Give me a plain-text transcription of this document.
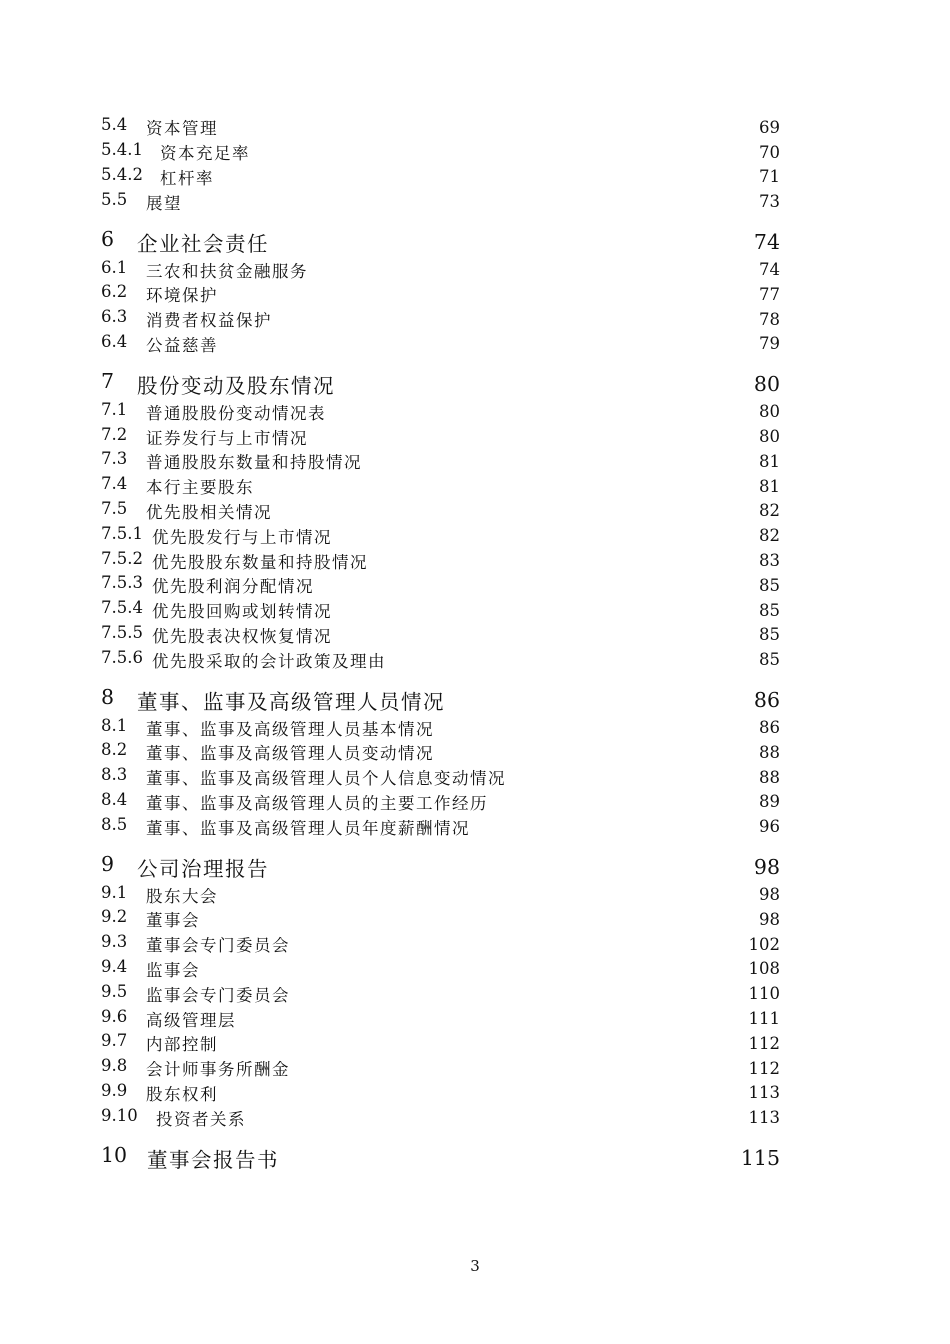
5.4	资本管理	69
5.4.1	资本充足率	70
5.4.2	杠杆率	71
5.5	展望	73
6	企业社会责任	74
6.1	三农和扶贫金融服务	74
6.2	环境保护	77
6.3	消费者权益保护	78
6.4	公益慈善	79
7	股份变动及股东情况	80
7.1	普通股股份变动情况表	80
7.2	证券发行与上市情况	80
7.3	普通股股东数量和持股情况	81
7.4	本行主要股东	81
7.5	优先股相关情况	82
7.5.1 优先股发行与上市情况	82
7.5.2 优先股股东数量和持股情况	83
7.5.3 优先股利润分配情况	85
7.5.4 优先股回购或划转情况	85
7.5.5 优先股表决权恢复情况	85
7.5.6 优先股采取的会计政策及理由	85
8	董事、监事及高级管理人员情况	86
8.1	董事、监事及高级管理人员基本情况	86
8.2	董事、监事及高级管理人员变动情况	88
8.3	董事、监事及高级管理人员个人信息变动情况	88
8.4	董事、监事及高级管理人员的主要工作经历	89
8.5	董事、监事及高级管理人员年度薪酬情况	96
9	公司治理报告	98
9.1	股东大会	98
9.2	董事会	98
9.3	董事会专门委员会	102
9.4	监事会	108
9.5	监事会专门委员会	110
9.6	高级管理层	111
9.7	内部控制	112
9.8	会计师事务所酬金	112
9.9	股东权利	113
9.10	投资者关系	113
10 董事会报告书	115
3
